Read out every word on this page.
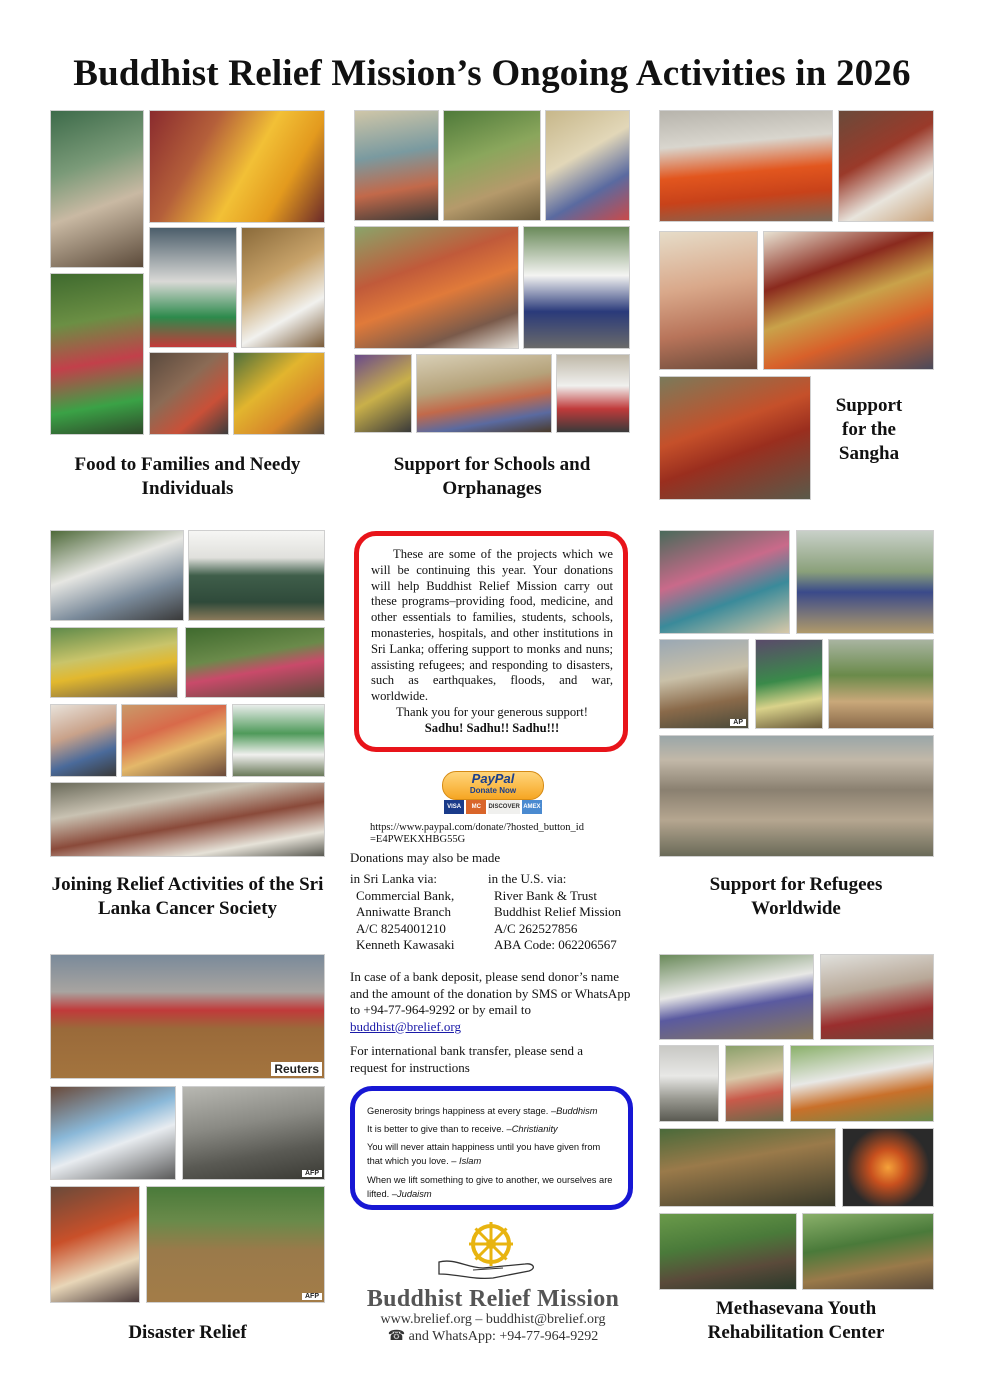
Buddhist Relief Mission’s Ongoing Activities in 2026
Food to Families and Needy Individuals
Support for Schools and Orphanages
Support for the Sangha
Joining Relief Activities of the Sri Lanka Cancer Society
AP
Support for Refugees Worldwide
Reuters
AFP
AFP
Disaster Relief
Methasevana Youth Rehabilitation Center

These are some of the projects which we will be continuing this year. Your donations will help Buddhist Relief Mission carry out these programs–providing food, medicine, and other essentials to families, students, schools, monasteries, hospitals, and other institutions in Sri Lanka; offering support to monks and nuns; assisting refugees; and responding to disasters, such as earthquakes, floods, and war, worldwide.

Thank you for your generous support!

Sadhu! Sadhu!! Sadhu!!!

PayPal
Donate Now
VISA	MC	DISCOVER AMEX
https://www.paypal.com/donate/?hosted_button_id
=E4PWEKXHBG55G
Donations may also be made
in Sri Lanka via:
Commercial Bank,
Anniwatte Branch
A/C 8254001210
Kenneth Kawasaki
in the U.S. via:
River Bank & Trust
Buddhist Relief Mission
A/C 262527856
ABA Code: 062206567
In case of a bank deposit, please send donor’s name and the amount of the donation by SMS or WhatsApp to +94-77-964-9292 or by email to buddhist@brelief.org
For international bank transfer, please send a request for instructions
Generosity brings happiness at every stage. –Buddhism
It is better to give than to receive. –Christianity
You will never attain happiness until you have given from that which you love. – Islam
When we lift something to give to another, we ourselves are lifted. –Judaism
Buddhist Relief Mission
www.brelief.org – buddhist@brelief.org
☎ and WhatsApp: +94-77-964-9292
